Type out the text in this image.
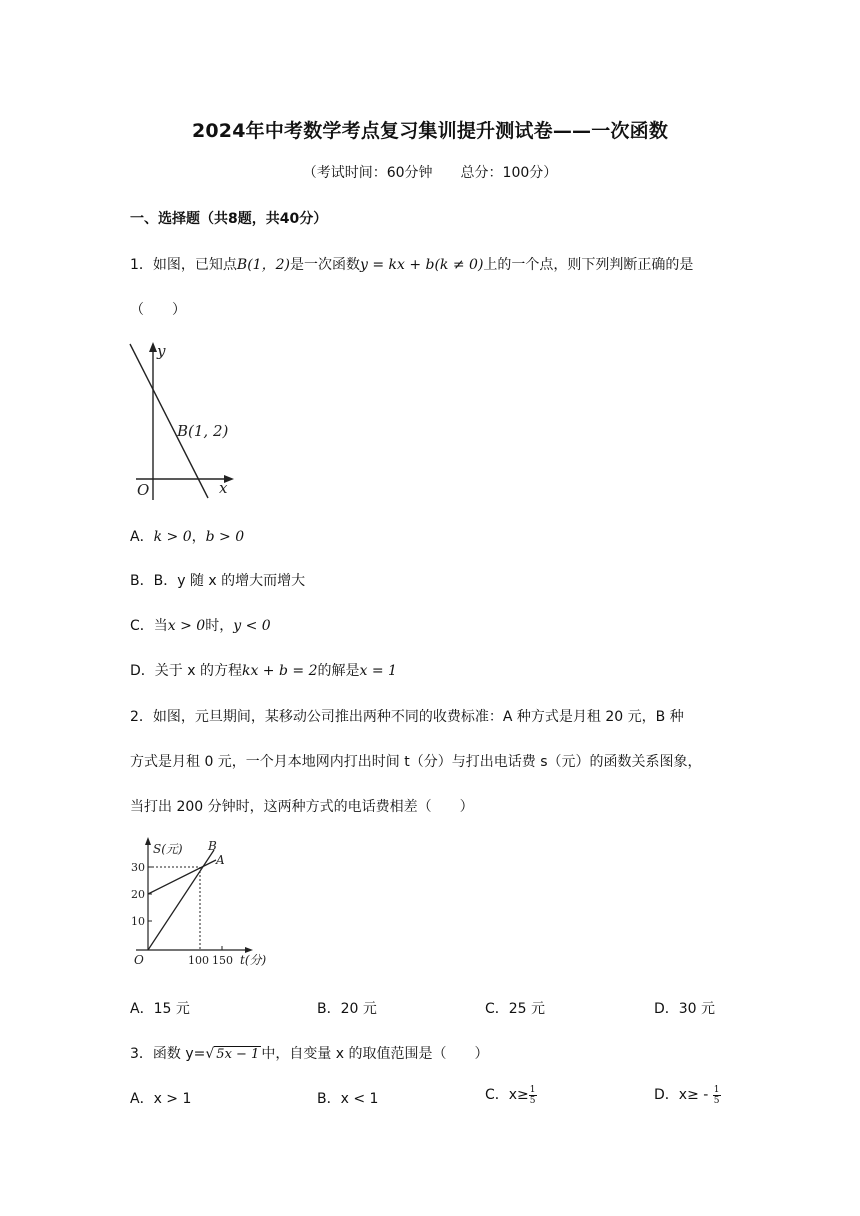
2024年中考数学考点复习集训提升测试卷——一次函数
（考试时间：60分钟 总分：100分）
一、选择题（共8题，共40分）
1．如图，已知点B(1，2)是一次函数y = kx + b(k ≠ 0)上的一个点，则下列判断正确的是
（　　）
y
x
O
B(1, 2)
A．k > 0，b > 0
B．B．y 随 x 的增大而增大
C．当x > 0时，y < 0
D．关于 x 的方程kx + b = 2的解是x = 1
2．如图，元旦期间，某移动公司推出两种不同的收费标准：A 种方式是月租 20 元，B 种
方式是月租 0 元，一个月本地网内打出时间 t（分）与打出电话费 s（元）的函数关系图象，
当打出 200 分钟时，这两种方式的电话费相差（　　）
S(元)
t(分)
O
A
B
30
20
10
100 150
A．15 元	B．20 元	C．25 元	D．30 元
3．函数 y=√ 5x − 1 中，自变量 x 的取值范围是（　　）
A．x > 1	B．x < 1	C．$x\ge \frac{1}{5}$	D．$x\ge - \frac{1}{5}$
